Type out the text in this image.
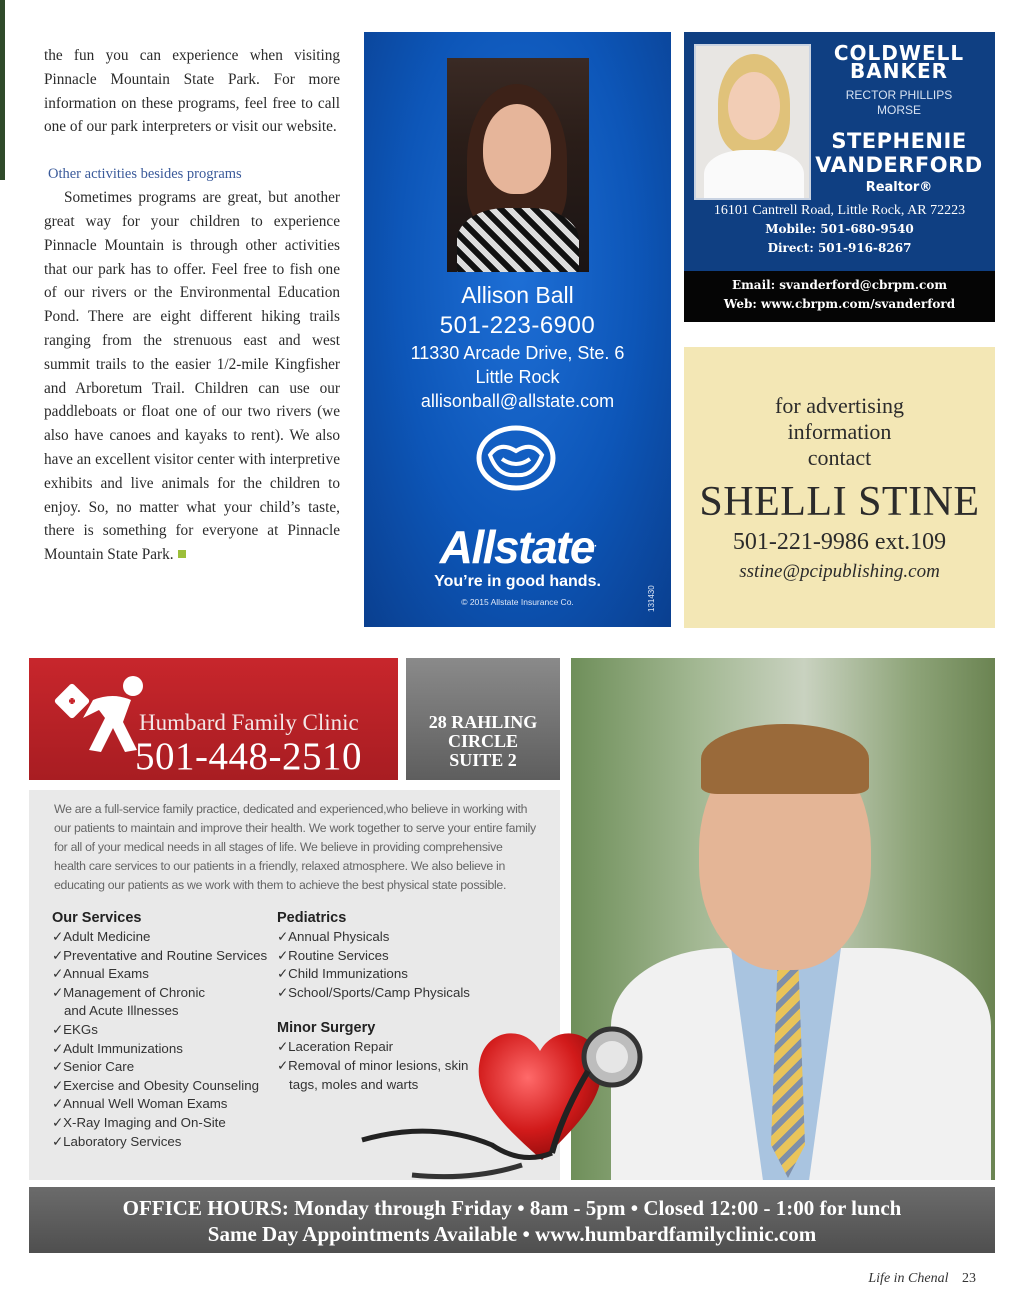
the fun you can experience when visiting Pinnacle Mountain State Park. For more information on these programs, feel free to call one of our park interpreters or visit our website.

Other activities besides programs

Sometimes programs are great, but another great way for your children to experience Pinnacle Mountain is through other activities that our park has to offer. Feel free to fish one of our rivers or the Environmental Education Pond. There are eight different hiking trails ranging from the strenuous east and west summit trails to the easier 1/2-mile Kingfisher and Arboretum Trail. Children can use our paddleboats or float one of our two rivers (we also have canoes and kayaks to rent). We also have an excellent visitor center with interpretive exhibits and live animals for the children to enjoy. So, no matter what your child’s taste, there is something for everyone at Pinnacle Mountain State Park.

Allison Ball
501-223-6900
11330 Arcade Drive, Ste. 6
Little Rock
allisonball@allstate.com
Allstate.
You’re in good hands.
© 2015 Allstate Insurance Co.	131430
COLDWELL
BANKER
RECTOR PHILLIPS
MORSE
STEPHENIE
VANDERFORD
Realtor®
16101 Cantrell Road, Little Rock, AR 72223
Mobile: 501-680-9540
Direct: 501-916-8267
Email: svanderford@cbrpm.com
Web: www.cbrpm.com/svanderford
for advertising
information
contact
SHELLI STINE
501-221-9986 ext.109
sstine@pcipublishing.com
Humbard Family Clinic
501-448-2510
28 RAHLING
CIRCLE
SUITE 2
We are a full-service family practice, dedicated and experienced,who believe in working with our patients to maintain and improve their health. We work together to serve your entire family for all of your medical needs in all stages of life. We believe in providing comprehensive health care services to our patients in a friendly, relaxed atmosphere. We also believe in educating our patients as we work with them to achieve the best physical state possible.
Our Services
✓Adult Medicine
✓Preventative and Routine Services
✓Annual Exams
✓Management of Chronic
and Acute Illnesses
✓EKGs
✓Adult Immunizations
✓Senior Care
✓Exercise and Obesity Counseling
✓Annual Well Woman Exams
✓X-Ray Imaging and On-Site
✓Laboratory Services
Pediatrics
✓Annual Physicals
✓Routine Services
✓Child Immunizations
✓School/Sports/Camp Physicals
Minor Surgery
✓Laceration Repair
✓Removal of minor lesions, skin
tags, moles and warts
OFFICE HOURS: Monday through Friday • 8am - 5pm • Closed 12:00 - 1:00 for lunch
Same Day Appointments Available • www.humbardfamilyclinic.com
Life in Chenal 23
